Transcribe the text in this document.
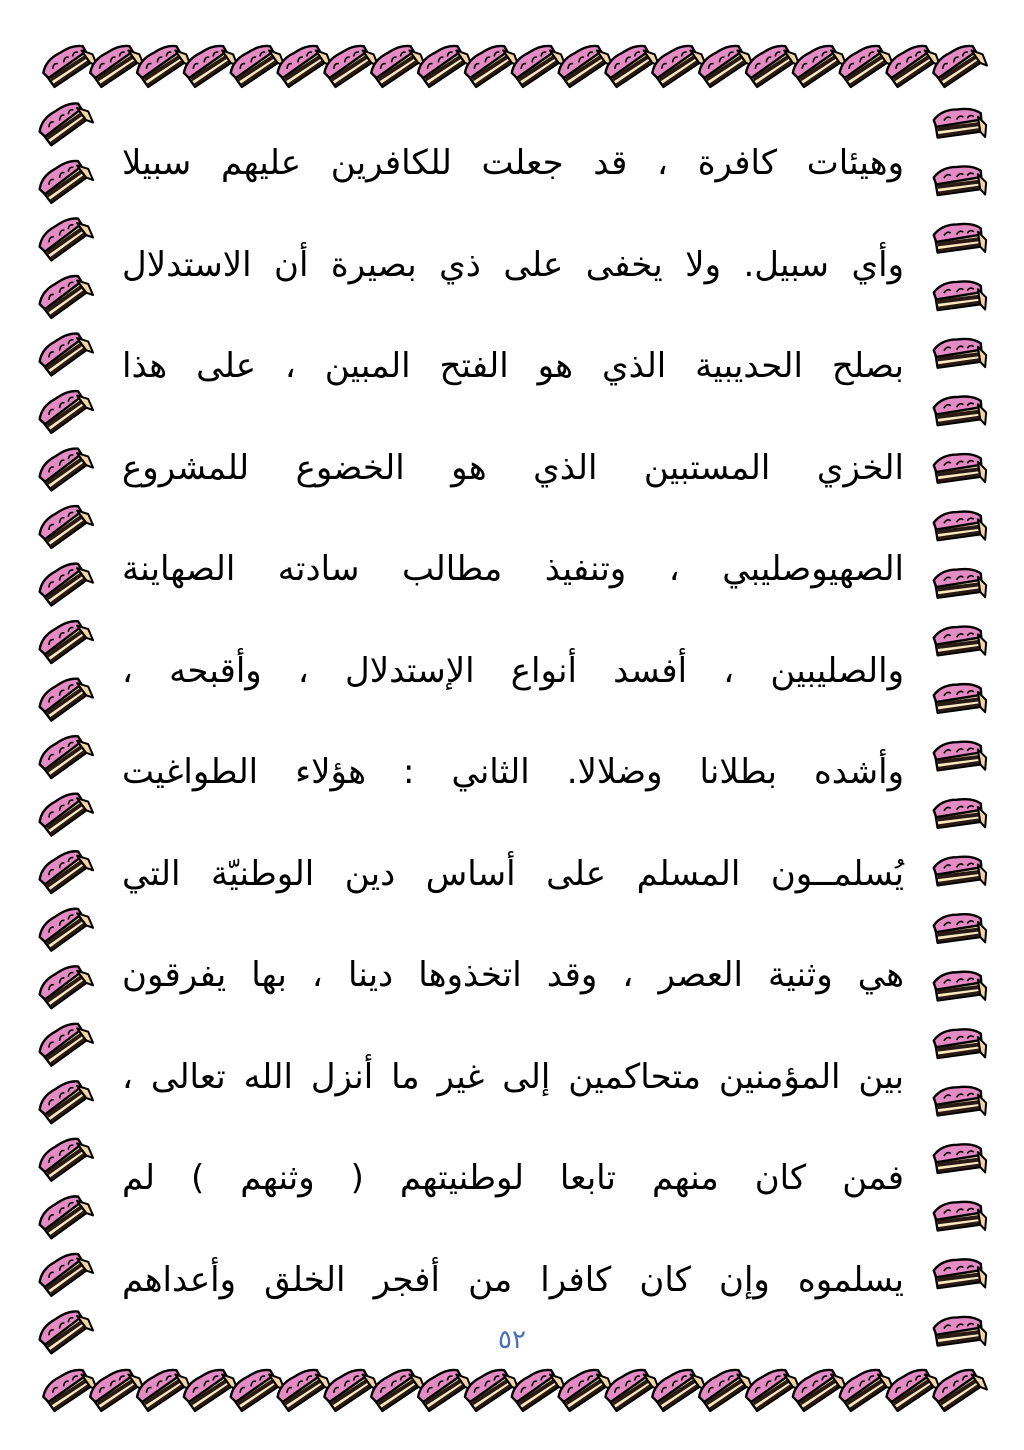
وهيئات كافرة ، قد جعلت للكافرين عليهم سبيلا
وأي سبيل. ولا يخفى على ذي بصيرة أن الاستدلال
بصلح الحديبية الذي هو الفتح المبين ، على هذا
الخزي المستبين الذي هو الخضوع للمشروع
الصهيوصليبي ، وتنفيذ مطالب سادته الصهاينة
والصليبين ، أفسد أنواع الإستدلال ، وأقبحه ،
وأشده بطلانا وضلالا. الثاني : هؤلاء الطواغيت
يُسلمــون المسلم على أساس دين الوطنيّة التي
هي وثنية العصر ، وقد اتخذوها دينا ، بها يفرقون
بين المؤمنين متحاكمين إلى غير ما أنزل الله تعالى ،
فمن كان منهم تابعا لوطنيتهم ( وثنهم ) لم
يسلموه وإن كان كافرا من أفجر الخلق وأعداهم
٥٢
